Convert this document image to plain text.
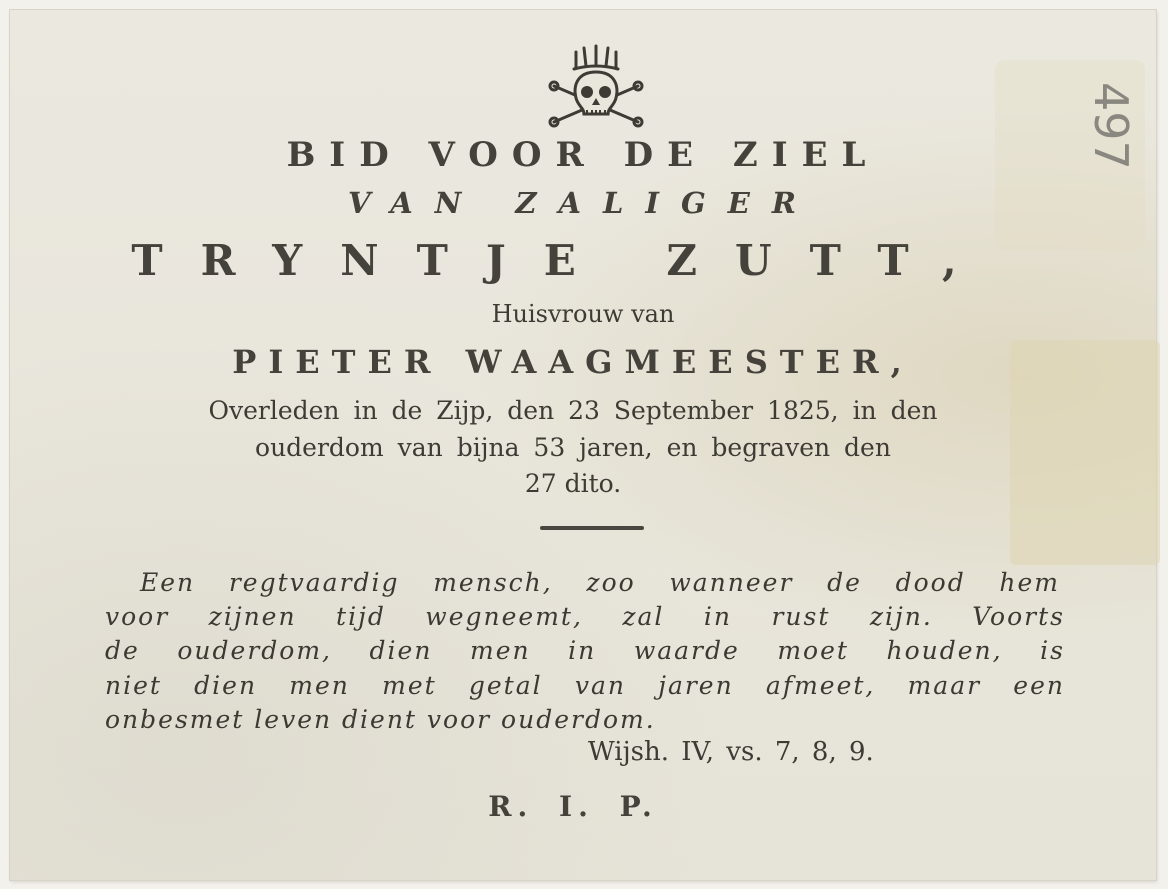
BID VOOR DE ZIEL
VAN ZALIGER
TRYNTJE ZUTT,
Huisvrouw van
PIETER WAAGMEESTER,
Overleden in de Zijp, den 23 September 1825, in den
ouderdom van bijna 53 jaren, en begraven den
27 dito.
Een regtvaardig mensch, zoo wanneer de dood hem
voor zijnen tijd wegneemt, zal in rust zijn. Voorts
de ouderdom, dien men in waarde moet houden, is
niet dien men met getal van jaren afmeet, maar een
onbesmet leven dient voor ouderdom.
Wijsh. IV, vs. 7, 8, 9.
R. I. P.
497
